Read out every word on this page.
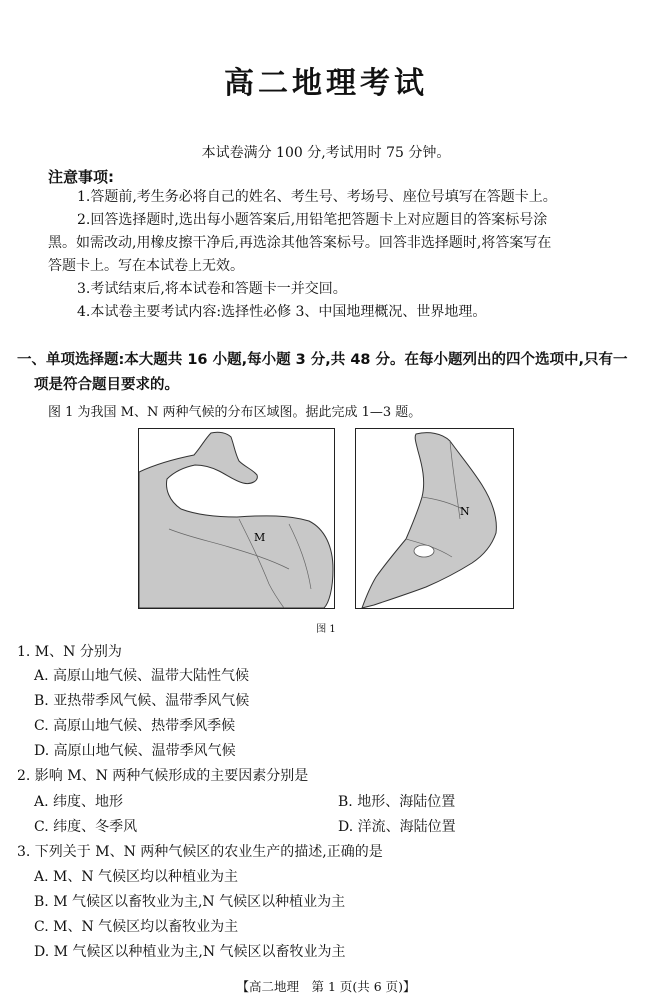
高二地理考试
本试卷满分 100 分,考试用时 75 分钟。
注意事项:
1.答题前,考生务必将自己的姓名、考生号、考场号、座位号填写在答题卡上。
2.回答选择题时,选出每小题答案后,用铅笔把答题卡上对应题目的答案标号涂
黑。如需改动,用橡皮擦干净后,再选涂其他答案标号。回答非选择题时,将答案写在
答题卡上。写在本试卷上无效。
3.考试结束后,将本试卷和答题卡一并交回。
4.本试卷主要考试内容:选择性必修 3、中国地理概况、世界地理。
一、单项选择题:本大题共 16 小题,每小题 3 分,共 48 分。在每小题列出的四个选项中,只有一
项是符合题目要求的。
图 1 为我国 M、N 两种气候的分布区域图。据此完成 1—3 题。
M
N
图 1
1. M、N 分别为
A. 高原山地气候、温带大陆性气候
B. 亚热带季风气候、温带季风气候
C. 高原山地气候、热带季风季候
D. 高原山地气候、温带季风气候
2. 影响 M、N 两种气候形成的主要因素分别是
A. 纬度、地形	B. 地形、海陆位置
C. 纬度、冬季风	D. 洋流、海陆位置
3. 下列关于 M、N 两种气候区的农业生产的描述,正确的是
A. M、N 气候区均以种植业为主
B. M 气候区以畜牧业为主,N 气候区以种植业为主
C. M、N 气候区均以畜牧业为主
D. M 气候区以种植业为主,N 气候区以畜牧业为主
【高二地理　第 1 页(共 6 页)】
